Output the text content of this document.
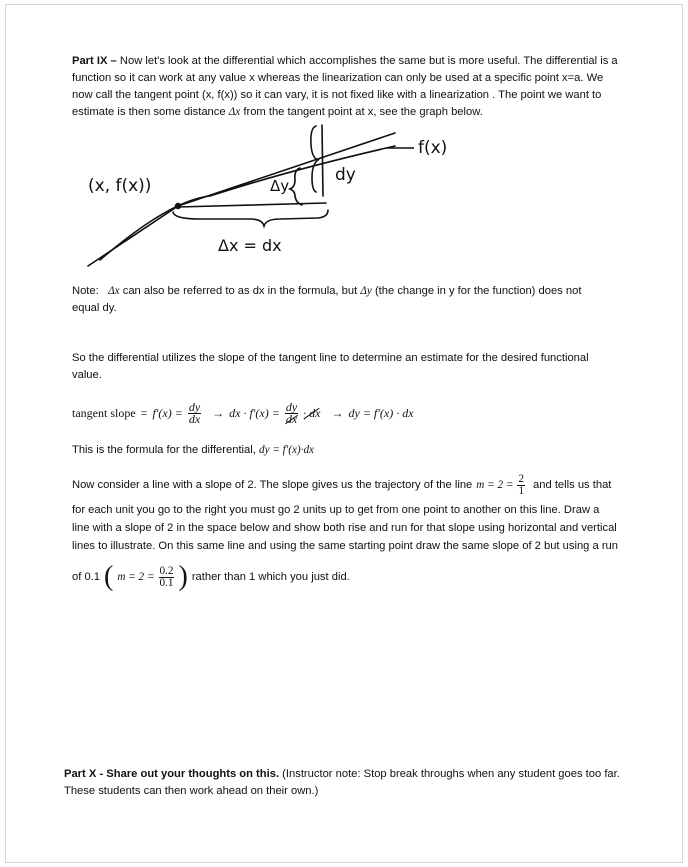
Part IX – Now let's look at the differential which accomplishes the same but is more useful. The differential is a
function so it can work at any value x whereas the linearization can only be used at a specific point x=a. We
now call the tangent point (x, f(x)) so it can vary, it is not fixed like with a linearization . The point we want to
estimate is then some distance Δx from the tangent point at x, see the graph below.
f(x)
(x, f(x))
dy
Δy
Δx = dx
Note: Δx can also be referred to as dx in the formula, but Δy (the change in y for the function) does not
equal dy.
So the differential utilizes the slope of the tangent line to determine an estimate for the desired functional
value.
tangent slope = $f'(x) = \frac{dy}{dx}$ → dx · $f'(x) = \frac{dy}{dx}$ · dx → dy = f′(x) · dx
This is the formula for the differential, dy = f′(x)·dx
Now consider a line with a slope of 2. The slope gives us the trajectory of the line $m = 2 = \frac{2}{1}$ and tells us that
for each unit you go to the right you must go 2 units up to get from one point to another on this line. Draw a
line with a slope of 2 in the space below and show both rise and run for that slope using horizontal and vertical
lines to illustrate. On this same line and using the same starting point draw the same slope of 2 but using a run
of 0.1 ( $m = 2 = \frac{0.2}{0.1}$ ) rather than 1 which you just did.
Part X - Share out your thoughts on this. (Instructor note: Stop break throughs when any student goes too far.
These students can then work ahead on their own.)
